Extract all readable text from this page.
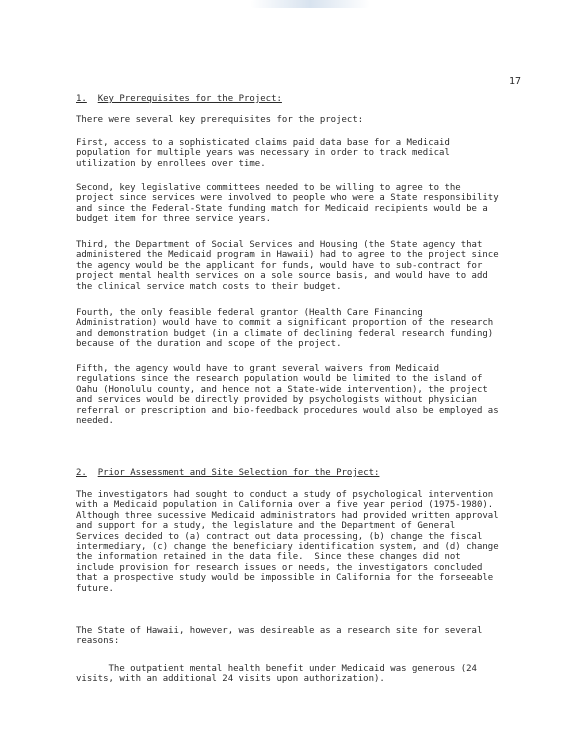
17
1. Key Prerequisites for the Project:
There were several key prerequisites for the project:
First, access to a sophisticated claims paid data base for a Medicaid
population for multiple years was necessary in order to track medical
utilization by enrollees over time.
Second, key legislative committees needed to be willing to agree to the
project since services were involved to people who were a State responsibility
and since the Federal-State funding match for Medicaid recipients would be a
budget item for three service years.
Third, the Department of Social Services and Housing (the State agency that
administered the Medicaid program in Hawaii) had to agree to the project since
the agency would be the applicant for funds, would have to sub-contract for
project mental health services on a sole source basis, and would have to add
the clinical service match costs to their budget.
Fourth, the only feasible federal grantor (Health Care Financing
Administration) would have to commit a significant proportion of the research
and demonstration budget (in a climate of declining federal research funding)
because of the duration and scope of the project.
Fifth, the agency would have to grant several waivers from Medicaid
regulations since the research population would be limited to the island of
Oahu (Honolulu county, and hence not a State-wide intervention), the project
and services would be directly provided by psychologists without physician
referral or prescription and bio-feedback procedures would also be employed as
needed.
2. Prior Assessment and Site Selection for the Project:
The investigators had sought to conduct a study of psychological intervention
with a Medicaid population in California over a five year period (1975-1980).
Although three sucessive Medicaid administrators had provided written approval
and support for a study, the legislature and the Department of General
Services decided to (a) contract out data processing, (b) change the fiscal
intermediary, (c) change the beneficiary identification system, and (d) change
the information retained in the data file.  Since these changes did not
include provision for research issues or needs, the investigators concluded
that a prospective study would be impossible in California for the forseeable
future.
The State of Hawaii, however, was desireable as a research site for several
reasons:
The outpatient mental health benefit under Medicaid was generous (24
visits, with an additional 24 visits upon authorization).
